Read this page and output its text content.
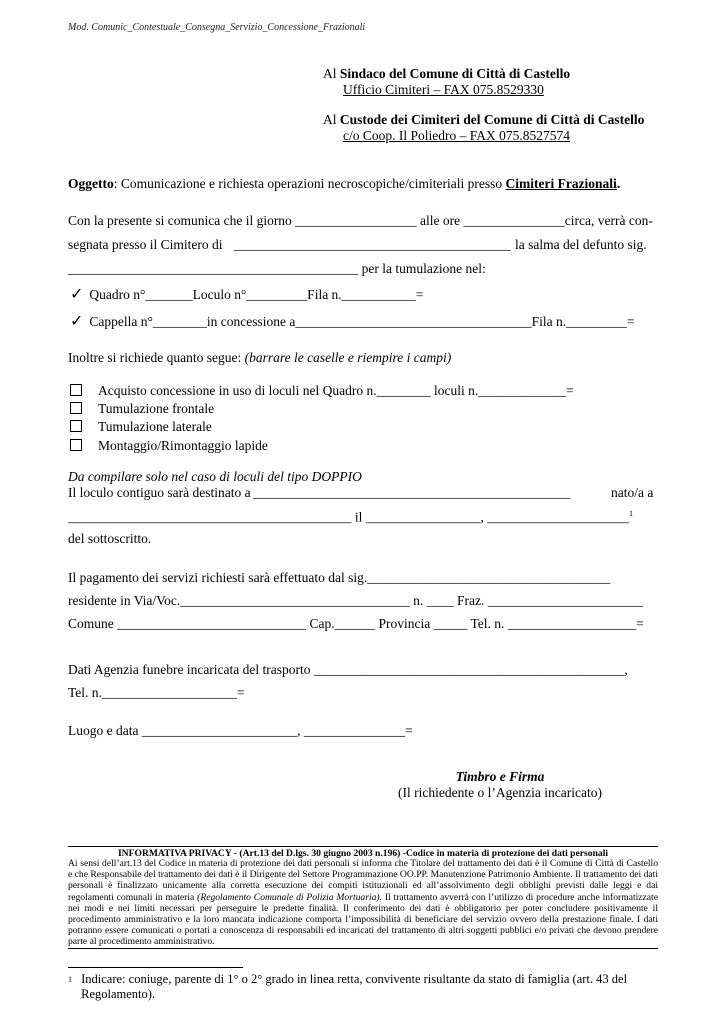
Mod. Comunic_Contestuale_Consegna_Servizio_Concessione_Frazionali
Al Sindaco del Comune di Città di Castello
Ufficio Cimiteri – FAX 075.8529330
Al Custode dei Cimiteri del Comune di Città di Castello
c/o Coop. Il Poliedro – FAX 075.8527574
Oggetto: Comunicazione e richiesta operazioni necroscopiche/cimiteriali presso Cimiteri Frazionali.
Con la presente si comunica che il giorno __________________ alle ore _______________circa, verrà con-
segnata presso il Cimitero di _________________________________________ la salma del defunto sig.
___________________________________________ per la tumulazione nel:
✓ Quadro n°_______Loculo n°_________Fila n.___________=
✓ Cappella n°________in concessione a___________________________________Fila n._________=
Inoltre si richiede quanto segue: (barrare le caselle e riempire i campi)
Acquisto concessione in uso di loculi nel Quadro n.________ loculi n._____________=
Tumulazione frontale
Tumulazione laterale
Montaggio/Rimontaggio lapide
Da compilare solo nel caso di loculi del tipo DOPPIO
Il loculo contiguo sarà destinato a _______________________________________________	nato/a a
__________________________________________ il _________________, _____________________$^1$
del sottoscritto.
Il pagamento dei servizi richiesti sarà effettuato dal sig.____________________________________
residente in Via/Voc.__________________________________ n. ____ Fraz. _______________________
Comune ____________________________ Cap.______ Provincia _____ Tel. n. ___________________=
Dati Agenzia funebre incaricata del trasporto ______________________________________________,
Tel. n.____________________=
Luogo e data _______________________, _______________=
Timbro e Firma
(Il richiedente o l’Agenzia incaricato)
INFORMATIVA PRIVACY - (Art.13 del D.lgs. 30 giugno 2003 n.196) -Codice in materia di protezione dei dati personali
Ai sensi dell’art.13 del Codice in materia di protezione dei dati personali si informa che Titolare del trattamento dei dati è il Comune di Città di Castello e che Responsabile del trattamento dei dati è il Dirigente del Settore Programmazione OO.PP. Manutenzione Patrimonio Ambiente. Il trattamento dei dati personali è finalizzato unicamente alla corretta esecuzione dei compiti istituzionali ed all’assolvimento degli obblighi previsti dalle leggi e dai regolamenti comunali in materia (Regolamento Comunale di Polizia Mortuaria). Il trattamento avverrà con l’utilizzo di procedure anche informatizzate nei modi e nei limiti necessari per perseguire le predette finalità. Il conferimento dei dati è obbligatorio per poter concludere positivamente il procedimento amministrativo e la loro mancata indicazione comporta l’impossibilità di beneficiare del servizio ovvero della prestazione finale. I dati potranno essere comunicati o portati a conoscenza di responsabili ed incaricati del trattamento di altri soggetti pubblici e/o privati che devono prendere parte al procedimento amministrativo.
$^1$ Indicare: coniuge, parente di 1° o 2° grado in linea retta, convivente risultante da stato di famiglia (art. 43 del Regolamento).
